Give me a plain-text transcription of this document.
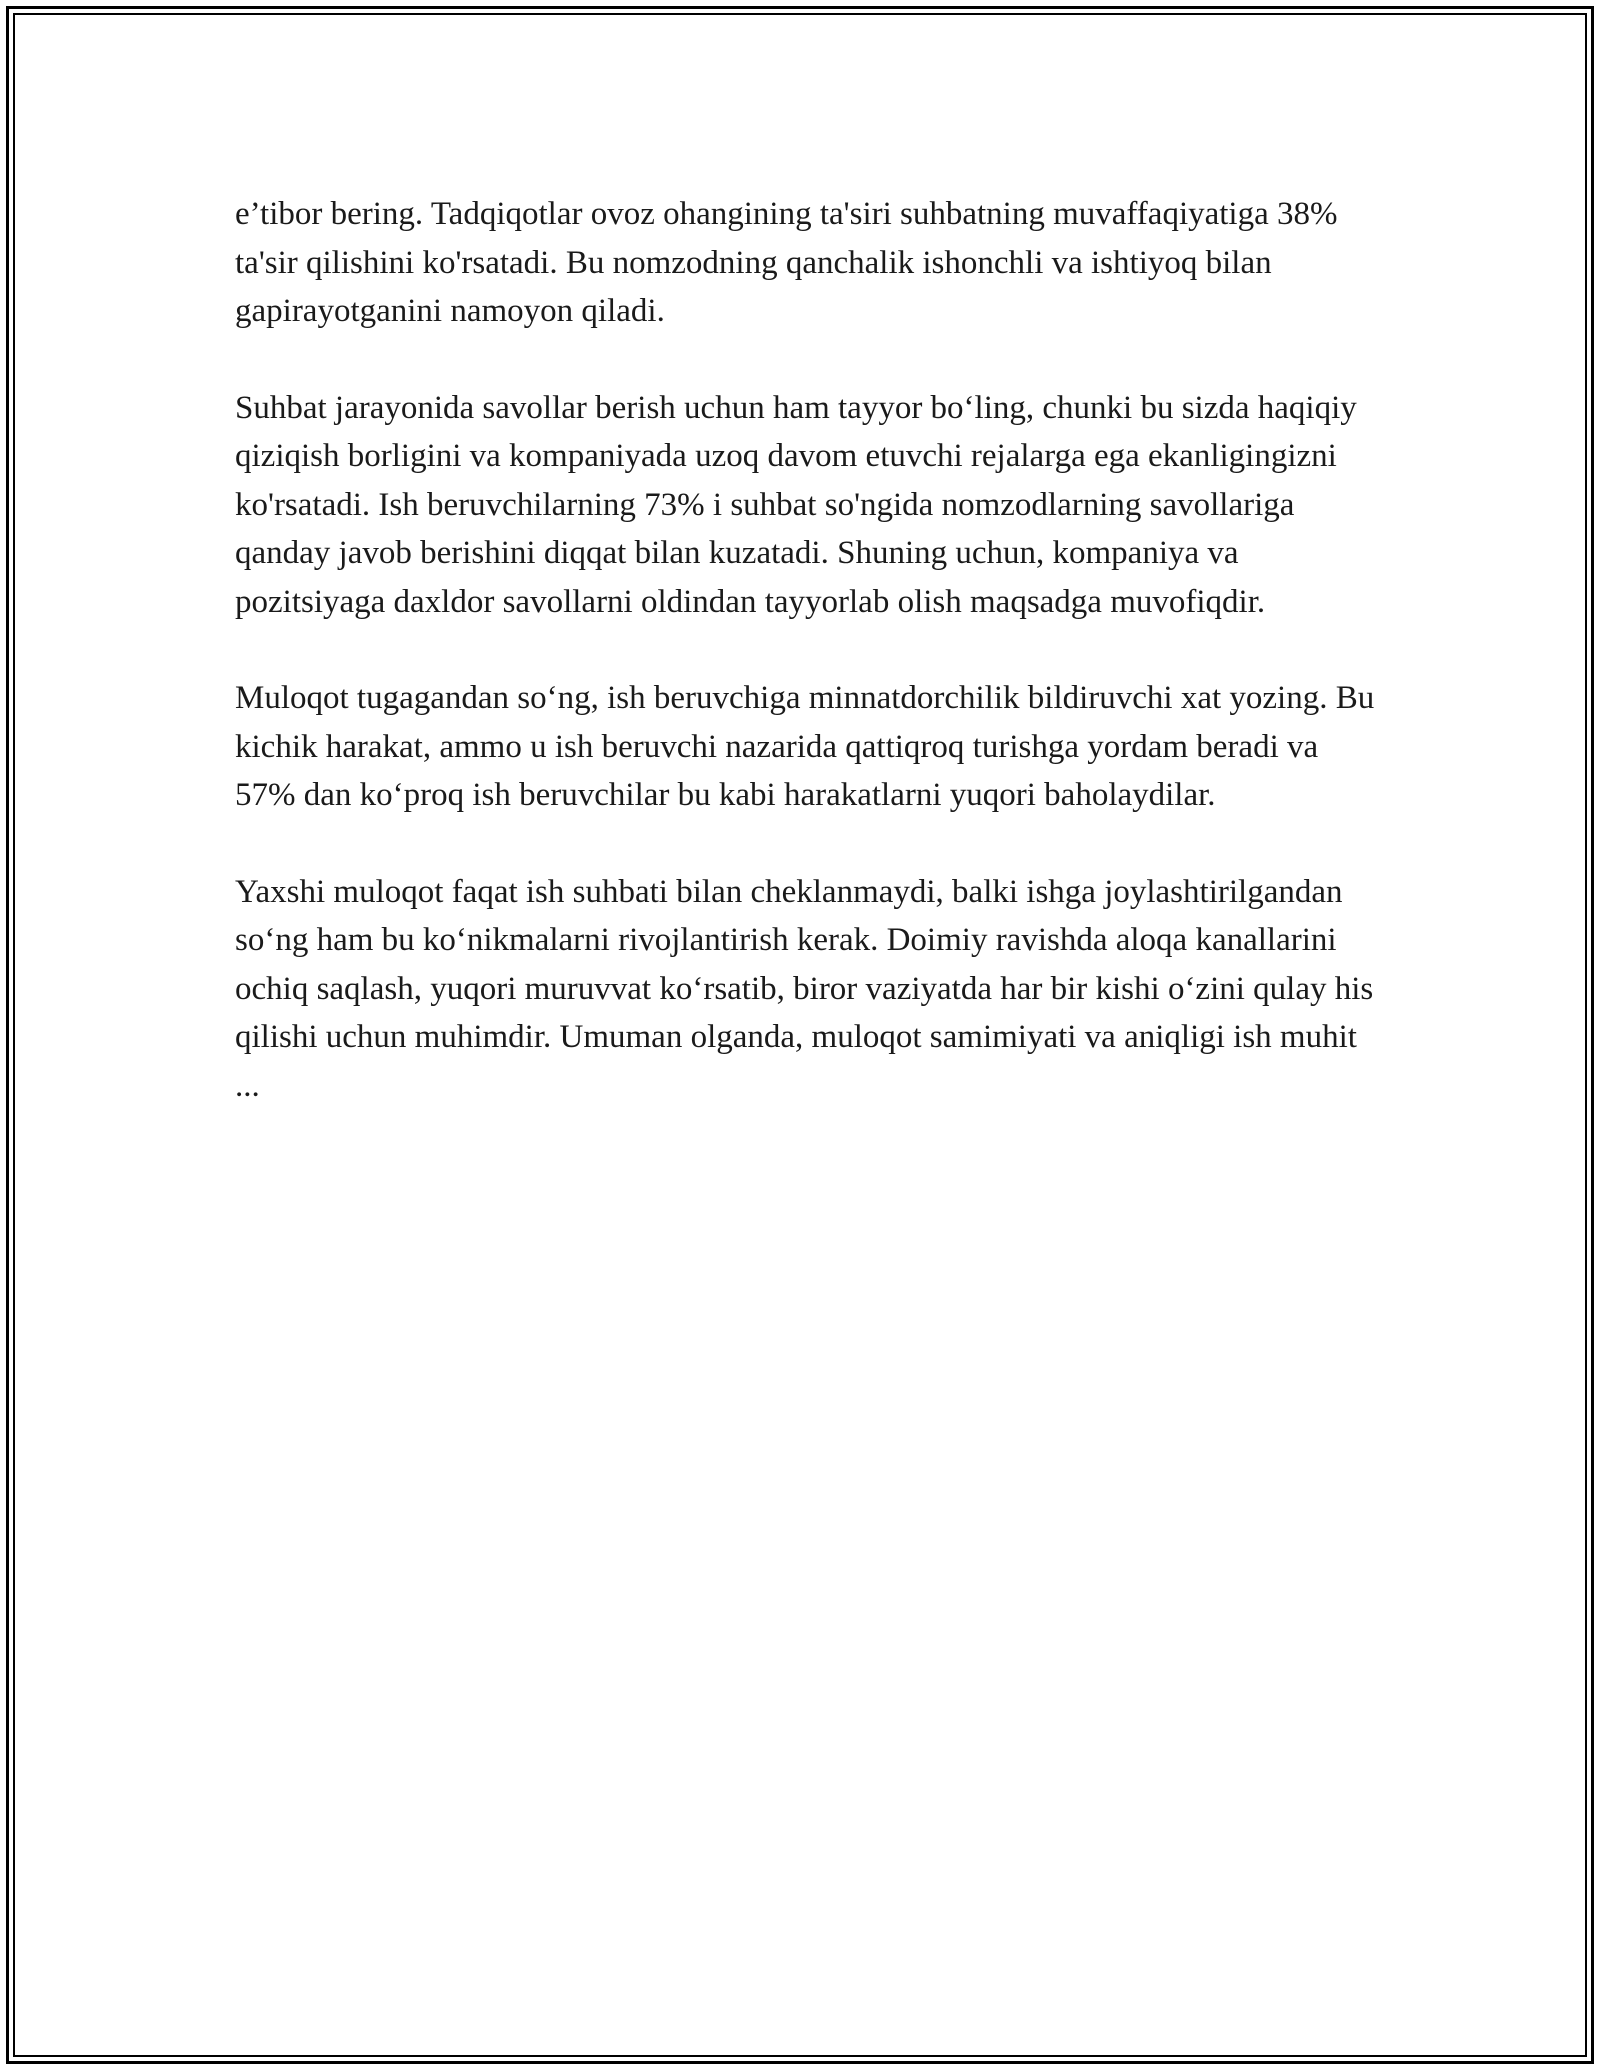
e’tibor bering. Tadqiqotlar ovoz ohangining ta'siri suhbatning muvaffaqiyatiga 38% ta'sir qilishini ko'rsatadi. Bu nomzodning qanchalik ishonchli va ishtiyoq bilan gapirayotganini namoyon qiladi.

Suhbat jarayonida savollar berish uchun ham tayyor bo‘ling, chunki bu sizda haqiqiy qiziqish borligini va kompaniyada uzoq davom etuvchi rejalarga ega ekanligingizni ko'rsatadi. Ish beruvchilarning 73% i suhbat so'ngida nomzodlarning savollariga qanday javob berishini diqqat bilan kuzatadi. Shuning uchun, kompaniya va pozitsiyaga daxldor savollarni oldindan tayyorlab olish maqsadga muvofiqdir.

Muloqot tugagandan so‘ng, ish beruvchiga minnatdorchilik bildiruvchi xat yozing. Bu kichik harakat, ammo u ish beruvchi nazarida qattiqroq turishga yordam beradi va 57% dan ko‘proq ish beruvchilar bu kabi harakatlarni yuqori baholaydilar.

Yaxshi muloqot faqat ish suhbati bilan cheklanmaydi, balki ishga joylashtirilgandan so‘ng ham bu ko‘nikmalarni rivojlantirish kerak. Doimiy ravishda aloqa kanallarini ochiq saqlash, yuqori muruvvat ko‘rsatib, biror vaziyatda har bir kishi o‘zini qulay his qilishi uchun muhimdir. Umuman olganda, muloqot samimiyati va aniqligi ish muhit ...
